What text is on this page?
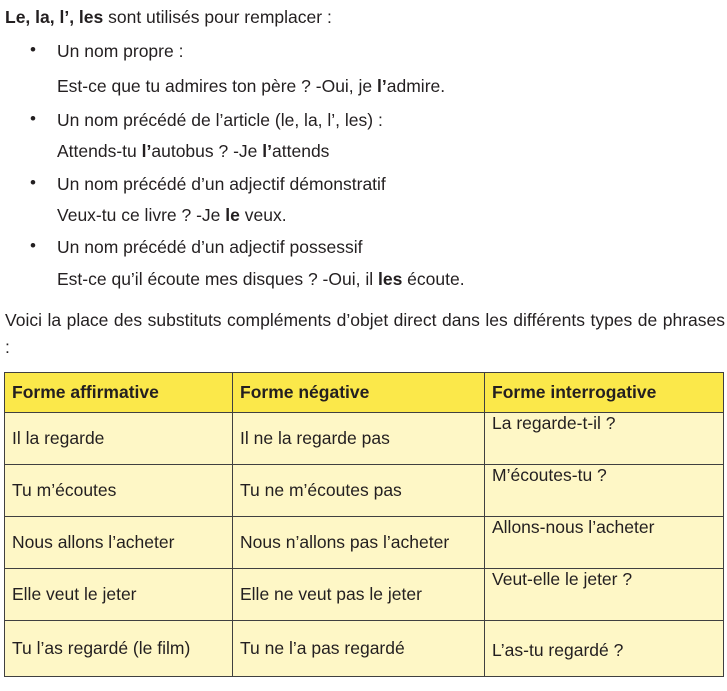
Le, la, l’, les sont utilisés pour remplacer :
• Un nom propre :
Est-ce que tu admires ton père ? -Oui, je l’admire.
• Un nom précédé de l’article (le, la, l’, les) :
Attends-tu l’autobus ? -Je l’attends
• Un nom précédé d’un adjectif démonstratif
Veux-tu ce livre ? -Je le veux.
• Un nom précédé d’un adjectif possessif
Est-ce qu’il écoute mes disques ? -Oui, il les écoute.
Voici la place des substituts compléments d’objet direct dans les différents types de phrases :
Forme affirmative	Forme négative	Forme interrogative
Il la regarde	Il ne la regarde pas	La regarde-t-il ?
Tu m’écoutes	Tu ne m’écoutes pas	M’écoutes-tu ?
Nous allons l’acheter	Nous n’allons pas l’acheter	Allons-nous l’acheter
Elle veut le jeter	Elle ne veut pas le jeter	Veut-elle le jeter ?
Tu l’as regardé (le film)	Tu ne l’a pas regardé	L’as-tu regardé ?
